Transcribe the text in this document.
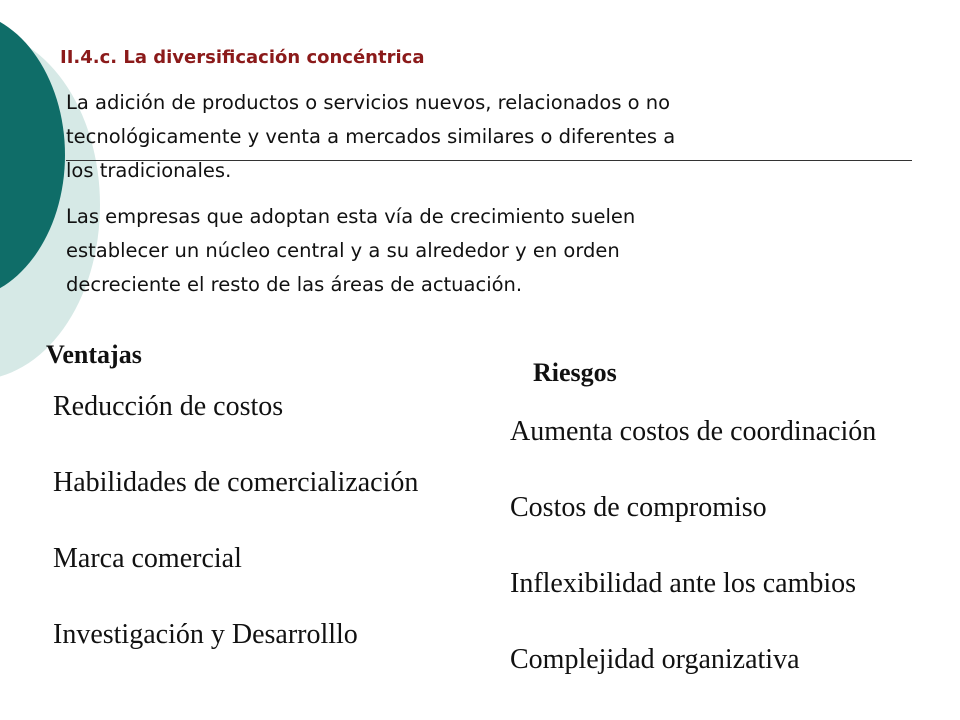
II.4.c. La diversificación concéntrica

La adición de productos o servicios nuevos, relacionados o no
tecnológicamente y venta a mercados similares o diferentes a
los tradicionales.

Las empresas que adoptan esta vía de crecimiento suelen
establecer un núcleo central y a su alrededor y en orden
decreciente el resto de las áreas de actuación.

Ventajas
Reducción de costos
Habilidades de comercialización
Marca comercial
Investigación y Desarrolllo
Riesgos
Aumenta costos de coordinación
Costos de compromiso
Inflexibilidad ante los cambios
Complejidad organizativa
